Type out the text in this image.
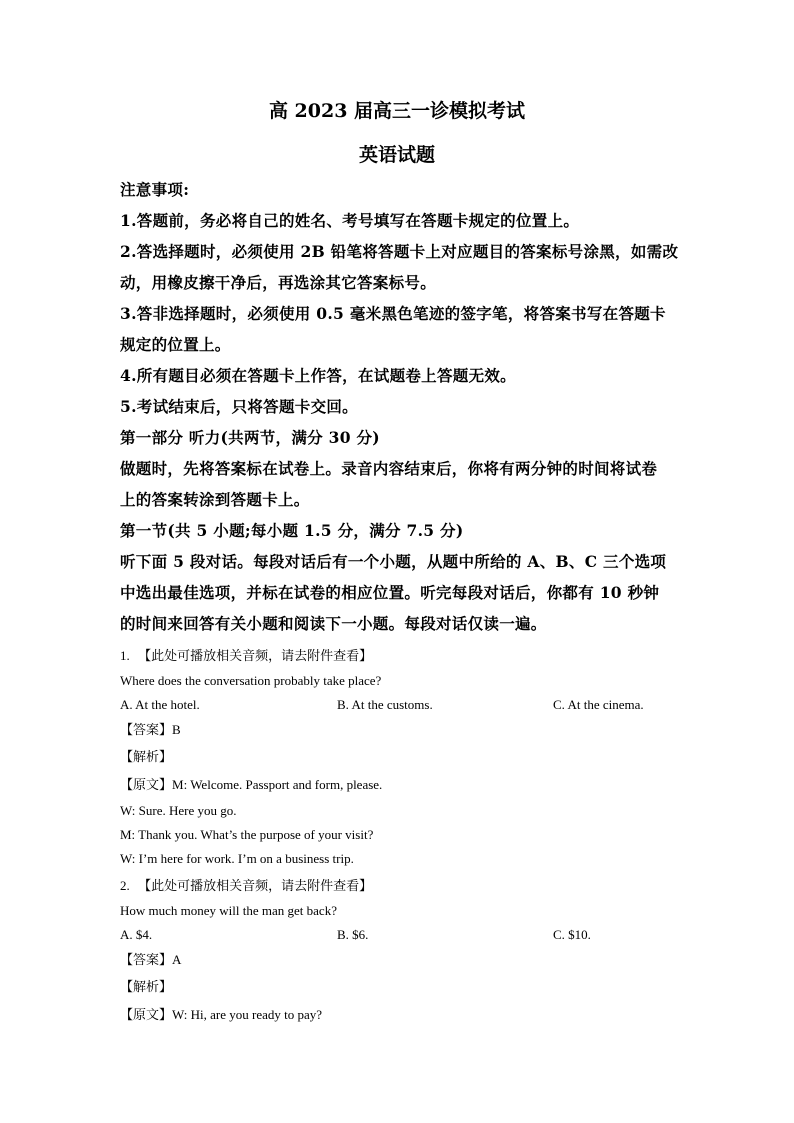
高 2023 届高三一诊模拟考试
英语试题
注意事项:
1.答题前，务必将自己的姓名、考号填写在答题卡规定的位置上。
2.答选择题时，必须使用 2B 铅笔将答题卡上对应题目的答案标号涂黑，如需改
动，用橡皮擦干净后，再选涂其它答案标号。
3.答非选择题时，必须使用 0.5 毫米黑色笔迹的签字笔，将答案书写在答题卡
规定的位置上。
4.所有题目必须在答题卡上作答，在试题卷上答题无效。
5.考试结束后，只将答题卡交回。
第一部分 听力(共两节，满分 30 分)
做题时，先将答案标在试卷上。录音内容结束后，你将有两分钟的时间将试卷
上的答案转涂到答题卡上。
第一节(共 5 小题;每小题 1.5 分，满分 7.5 分)
听下面 5 段对话。每段对话后有一个小题，从题中所给的 A、B、C 三个选项
中选出最佳选项，并标在试卷的相应位置。听完每段对话后，你都有 10 秒钟
的时间来回答有关小题和阅读下一小题。每段对话仅读一遍。
1. 【此处可播放相关音频，请去附件查看】
Where does the conversation probably take place?
A. At the hotel.	B. At the customs.	C. At the cinema.
【答案】B
【解析】
【原文】M: Welcome. Passport and form, please.
W: Sure. Here you go.
M: Thank you. What’s the purpose of your visit?
W: I’m here for work. I’m on a business trip.
2. 【此处可播放相关音频，请去附件查看】
How much money will the man get back?
A. $4.	B. $6.	C. $10.
【答案】A
【解析】
【原文】W: Hi, are you ready to pay?
